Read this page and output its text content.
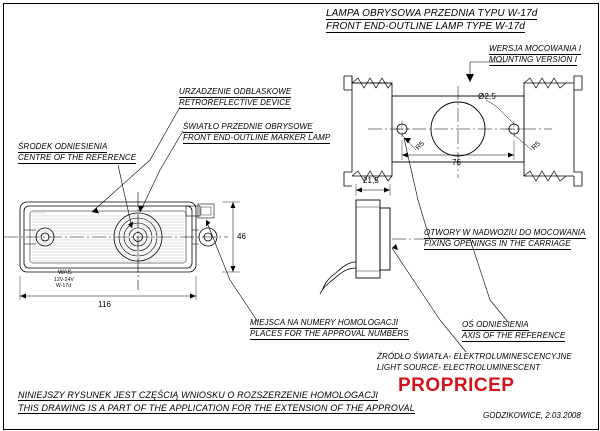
LAMPA OBRYSOWA PRZEDNIA TYPU W-17d
FRONT END-OUTLINE LAMP TYPE W-17d
WERSJA MOCOWANIA I
MOUNTING VERSION I
URZADZENIE ODBLASKOWE
RETROREFLECTIVE DEVICE
ŚWIATŁO PRZEDNIE OBRYSOWE
FRONT END-OUTLINE MARKER LAMP
ŚRODEK ODNIESIENIA
CENTRE OF THE REFERENCE
MIEJSCA NA NUMERY HOMOLOGACJI
PLACES FOR THE APPROVAL NUMBERS
OTWORY W NADWOZIU DO MOCOWANIA
FIXING OPENINGS IN THE CARRIAGE
OŚ ODNIESIENIA
AXIS OF THE REFERENCE
ŹRÓDŁO ŚWIATŁA- ELEKTROLUMINESCENCYJNE
LIGHT SOURCE- ELECTROLUMINESCENT
116
46
21,5
76
Ø2,5
R5	R5
WAS
12V-24V
W-17d
NINIEJSZY RYSUNEK JEST CZĘŚCIĄ WNIOSKU O ROZSZERZENIE HOMOLOGACJI
THIS DRAWING IS A PART OF THE APPLICATION FOR THE EXTENSION OF THE APPROVAL
GODZIKOWICE, 2.03.2008
PROPRICEP
